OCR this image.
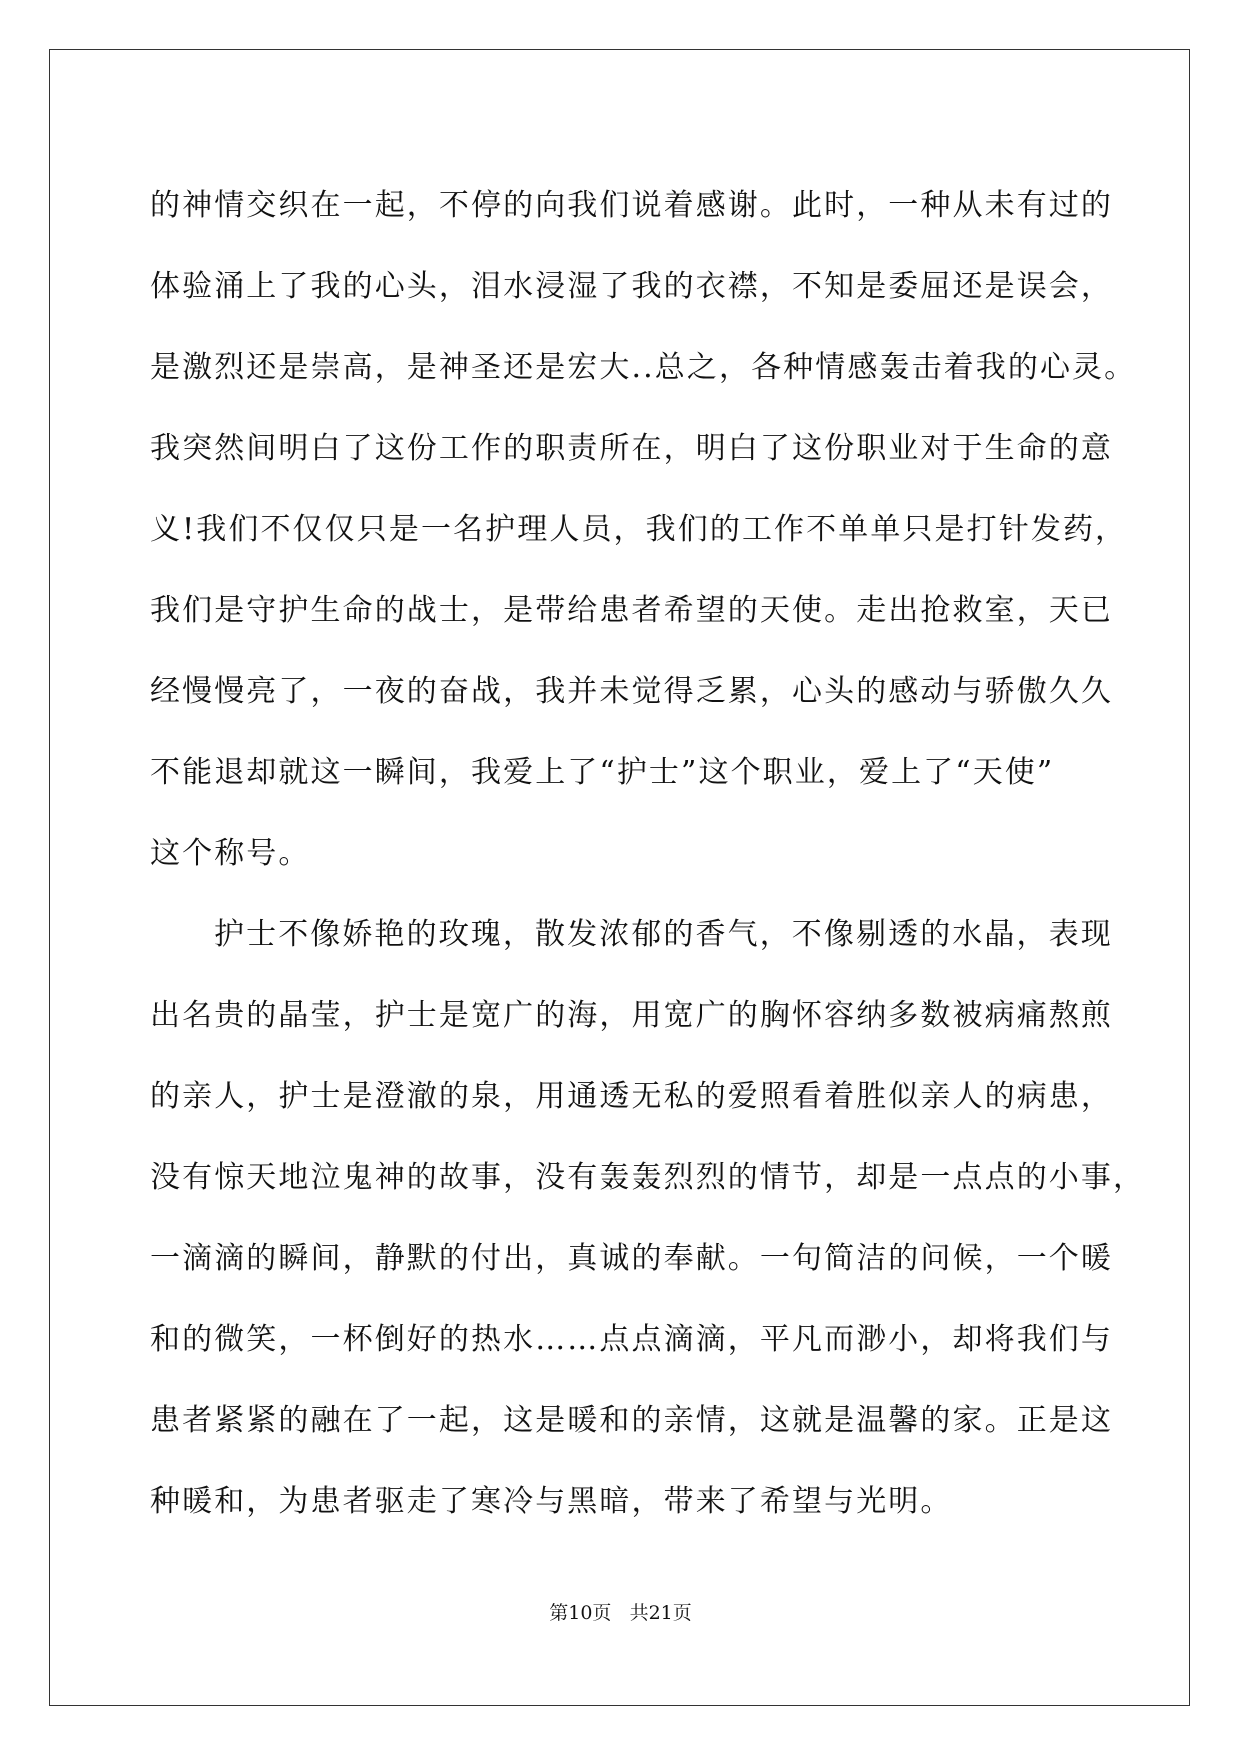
的神情交织在一起，不停的向我们说着感谢。此时，一种从未有过的
体验涌上了我的心头，泪水浸湿了我的衣襟，不知是委屈还是误会，
是激烈还是崇高，是神圣还是宏大..总之，各种情感轰击着我的心灵。
我突然间明白了这份工作的职责所在，明白了这份职业对于生命的意
义!我们不仅仅只是一名护理人员，我们的工作不单单只是打针发药，
我们是守护生命的战士，是带给患者希望的天使。走出抢救室，天已
经慢慢亮了，一夜的奋战，我并未觉得乏累，心头的感动与骄傲久久
不能退却就这一瞬间，我爱上了“护士”这个职业，爱上了“天使”
这个称号。
护士不像娇艳的玫瑰，散发浓郁的香气，不像剔透的水晶，表现
出名贵的晶莹，护士是宽广的海，用宽广的胸怀容纳多数被病痛熬煎
的亲人，护士是澄澈的泉，用通透无私的爱照看着胜似亲人的病患，
没有惊天地泣鬼神的故事，没有轰轰烈烈的情节，却是一点点的小事，
一滴滴的瞬间，静默的付出，真诚的奉献。一句简洁的问候，一个暖
和的微笑，一杯倒好的热水……点点滴滴，平凡而渺小，却将我们与
患者紧紧的融在了一起，这是暖和的亲情，这就是温馨的家。正是这
种暖和，为患者驱走了寒冷与黑暗，带来了希望与光明。
第10页 共21页
